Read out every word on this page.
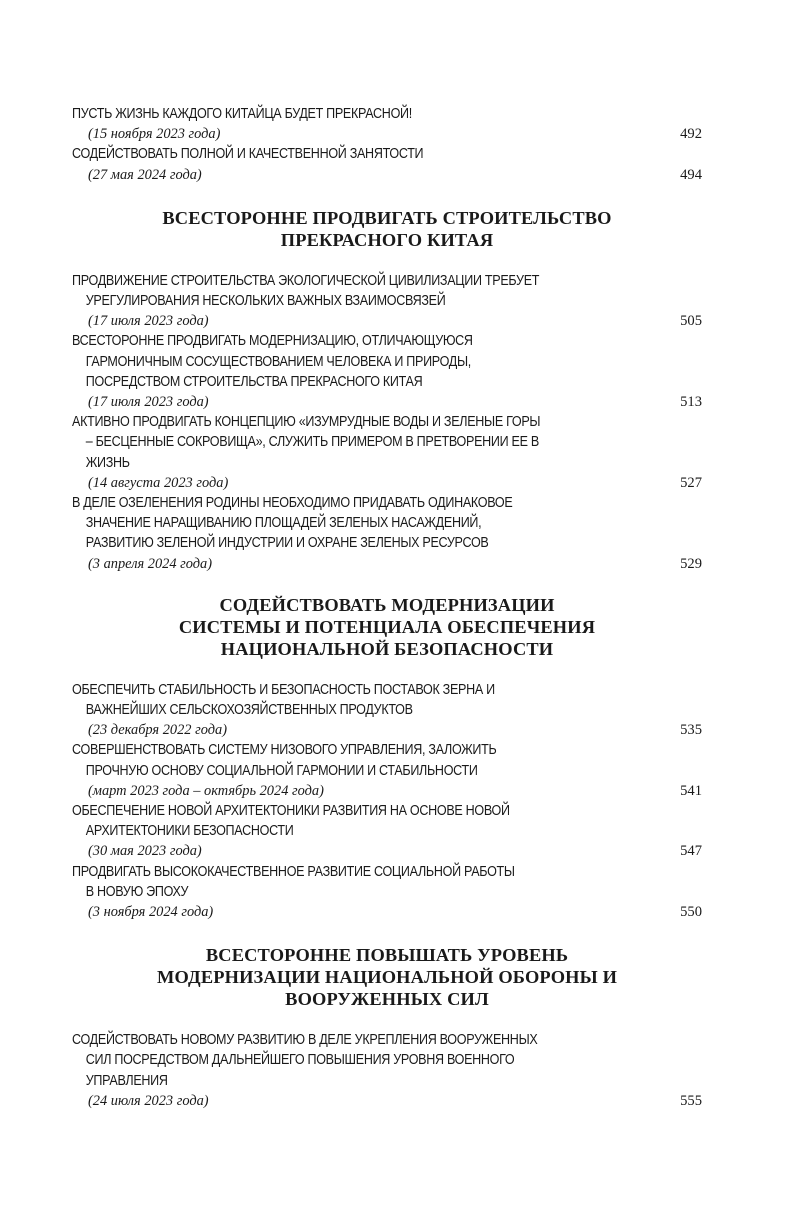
ПУСТЬ ЖИЗНЬ КАЖДОГО КИТАЙЦА БУДЕТ ПРЕКРАСНОЙ!
(15 ноября 2023 года)	492
СОДЕЙСТВОВАТЬ ПОЛНОЙ И КАЧЕСТВЕННОЙ ЗАНЯТОСТИ
(27 мая 2024 года)	494
ВСЕСТОРОННЕ ПРОДВИГАТЬ СТРОИТЕЛЬСТВО
ПРЕКРАСНОГО КИТАЯ
ПРОДВИЖЕНИЕ СТРОИТЕЛЬСТВА ЭКОЛОГИЧЕСКОЙ ЦИВИЛИЗАЦИИ ТРЕБУЕТ
УРЕГУЛИРОВАНИЯ НЕСКОЛЬКИХ ВАЖНЫХ ВЗАИМОСВЯЗЕЙ
(17 июля 2023 года)	505
ВСЕСТОРОННЕ ПРОДВИГАТЬ МОДЕРНИЗАЦИЮ, ОТЛИЧАЮЩУЮСЯ
ГАРМОНИЧНЫМ СОСУЩЕСТВОВАНИЕМ ЧЕЛОВЕКА И ПРИРОДЫ,
ПОСРЕДСТВОМ СТРОИТЕЛЬСТВА ПРЕКРАСНОГО КИТАЯ
(17 июля 2023 года)	513
АКТИВНО ПРОДВИГАТЬ КОНЦЕПЦИЮ «ИЗУМРУДНЫЕ ВОДЫ И ЗЕЛЕНЫЕ ГОРЫ
– БЕСЦЕННЫЕ СОКРОВИЩА», СЛУЖИТЬ ПРИМЕРОМ В ПРЕТВОРЕНИИ ЕЕ В
ЖИЗНЬ
(14 августа 2023 года)	527
В ДЕЛЕ ОЗЕЛЕНЕНИЯ РОДИНЫ НЕОБХОДИМО ПРИДАВАТЬ ОДИНАКОВОЕ
ЗНАЧЕНИЕ НАРАЩИВАНИЮ ПЛОЩАДЕЙ ЗЕЛЕНЫХ НАСАЖДЕНИЙ,
РАЗВИТИЮ ЗЕЛЕНОЙ ИНДУСТРИИ И ОХРАНЕ ЗЕЛЕНЫХ РЕСУРСОВ
(3 апреля 2024 года)	529
СОДЕЙСТВОВАТЬ МОДЕРНИЗАЦИИ
СИСТЕМЫ И ПОТЕНЦИАЛА ОБЕСПЕЧЕНИЯ
НАЦИОНАЛЬНОЙ БЕЗОПАСНОСТИ
ОБЕСПЕЧИТЬ СТАБИЛЬНОСТЬ И БЕЗОПАСНОСТЬ ПОСТАВОК ЗЕРНА И
ВАЖНЕЙШИХ СЕЛЬСКОХОЗЯЙСТВЕННЫХ ПРОДУКТОВ
(23 декабря 2022 года)	535
СОВЕРШЕНСТВОВАТЬ СИСТЕМУ НИЗОВОГО УПРАВЛЕНИЯ, ЗАЛОЖИТЬ
ПРОЧНУЮ ОСНОВУ СОЦИАЛЬНОЙ ГАРМОНИИ И СТАБИЛЬНОСТИ
(март 2023 года – октябрь 2024 года)	541
ОБЕСПЕЧЕНИЕ НОВОЙ АРХИТЕКТОНИКИ РАЗВИТИЯ НА ОСНОВЕ НОВОЙ
АРХИТЕКТОНИКИ БЕЗОПАСНОСТИ
(30 мая 2023 года)	547
ПРОДВИГАТЬ ВЫСОКОКАЧЕСТВЕННОЕ РАЗВИТИЕ СОЦИАЛЬНОЙ РАБОТЫ
В НОВУЮ ЭПОХУ
(3 ноября 2024 года)	550
ВСЕСТОРОННЕ ПОВЫШАТЬ УРОВЕНЬ
МОДЕРНИЗАЦИИ НАЦИОНАЛЬНОЙ ОБОРОНЫ И
ВООРУЖЕННЫХ СИЛ
СОДЕЙСТВОВАТЬ НОВОМУ РАЗВИТИЮ В ДЕЛЕ УКРЕПЛЕНИЯ ВООРУЖЕННЫХ
СИЛ ПОСРЕДСТВОМ ДАЛЬНЕЙШЕГО ПОВЫШЕНИЯ УРОВНЯ ВОЕННОГО
УПРАВЛЕНИЯ
(24 июля 2023 года)	555
